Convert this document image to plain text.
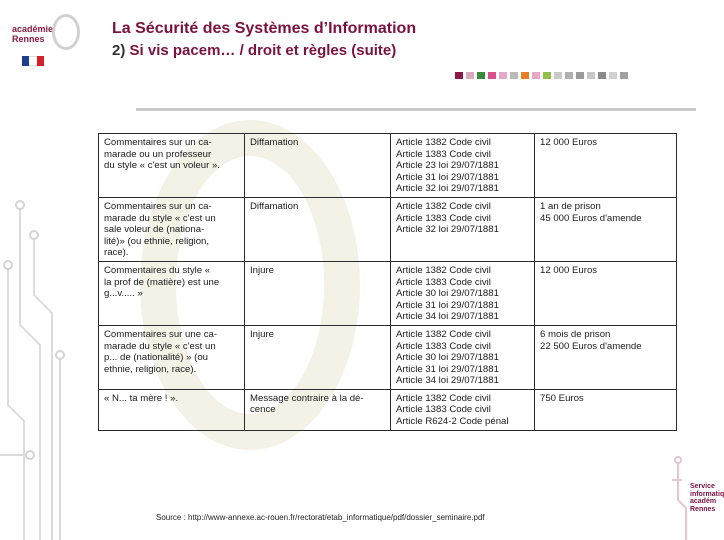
académie
Rennes
La Sécurité des Systèmes d’Information
2) Si vis pacem… / droit et règles (suite)
Commentaires sur un ca-
marade ou un professeur
du style « c'est un voleur ».	Diffamation	Article 1382 Code civil
Article 1383 Code civil
Article 23 loi 29/07/1881
Article 31 loi 29/07/1881
Article 32 loi 29/07/1881	12 000 Euros
Commentaires sur un ca-
marade du style « c'est un
sale voleur de (nationa-
lité)» (ou ethnie, religion,
race).	Diffamation	Article 1382 Code civil
Article 1383 Code civil
Article 32 loi 29/07/1881	1 an de prison
45 000 Euros d'amende
Commentaires du style «
la prof de (matière) est une
g...v..... »	Injure	Article 1382 Code civil
Article 1383 Code civil
Article 30 loi 29/07/1881
Article 31 loi 29/07/1881
Article 34 loi 29/07/1881	12 000 Euros
Commentaires sur une ca-
marade du style « c'est un
p... de (nationalité) » (ou
ethnie, religion, race).	Injure	Article 1382 Code civil
Article 1383 Code civil
Article 30 loi 29/07/1881
Article 31 loi 29/07/1881
Article 34 loi 29/07/1881	6 mois de prison
22 500 Euros d'amende
« N... ta mère ! ».	Message contraire à la dé-
cence	Article 1382 Code civil
Article 1383 Code civil
Article R624-2 Code pénal	750 Euros
Source : http://www-annexe.ac-rouen.fr/rectorat/etab_informatique/pdf/dossier_seminaire.pdf
Service
informatiq
académ
Rennes
